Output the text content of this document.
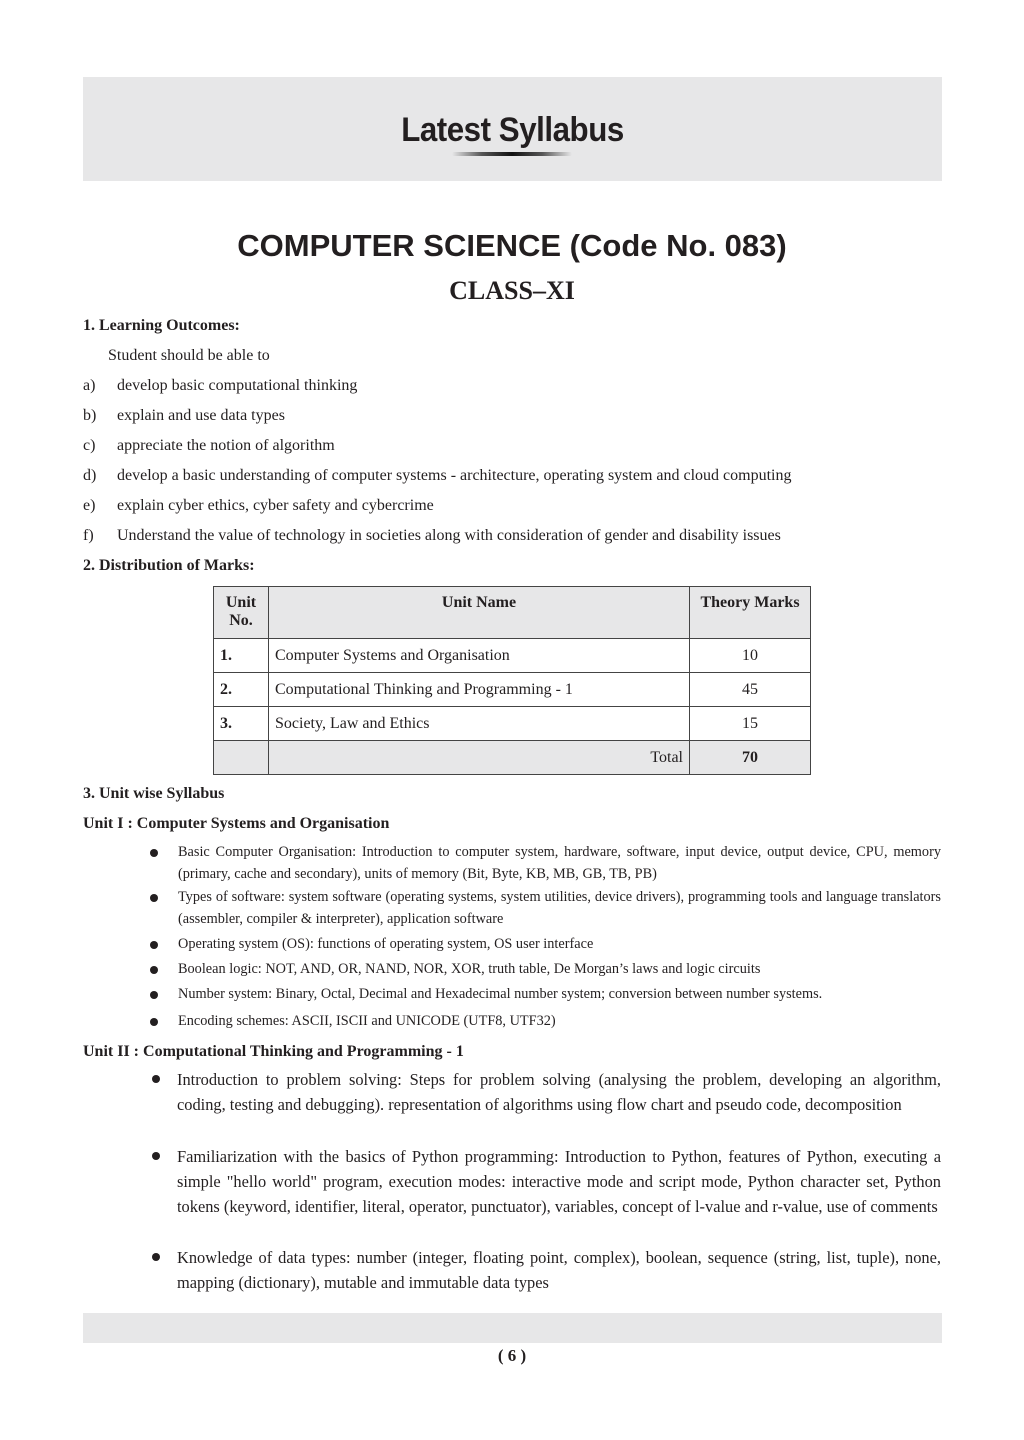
Latest Syllabus
COMPUTER SCIENCE (Code No. 083)
CLASS–XI
1. Learning Outcomes:
Student should be able to
a) develop basic computational thinking
b) explain and use data types
c) appreciate the notion of algorithm
d) develop a basic understanding of computer systems - architecture, operating system and cloud computing
e) explain cyber ethics, cyber safety and cybercrime
f) Understand the value of technology in societies along with consideration of gender and disability issues
2. Distribution of Marks:
Unit No.	Unit Name	Theory Marks
1.	Computer Systems and Organisation	10
2.	Computational Thinking and Programming - 1	45
3.	Society, Law and Ethics	15
	Total	70
3. Unit wise Syllabus
Unit I : Computer Systems and Organisation
Basic Computer Organisation: Introduction to computer system, hardware, software, input device, output device, CPU, memory (primary, cache and secondary), units of memory (Bit, Byte, KB, MB, GB, TB, PB)
Types of software: system software (operating systems, system utilities, device drivers), programming tools and language translators (assembler, compiler & interpreter), application software
Operating system (OS): functions of operating system, OS user interface
Boolean logic: NOT, AND, OR, NAND, NOR, XOR, truth table, De Morgan’s laws and logic circuits
Number system: Binary, Octal, Decimal and Hexadecimal number system; conversion between number systems.
Encoding schemes: ASCII, ISCII and UNICODE (UTF8, UTF32)
Unit II : Computational Thinking and Programming - 1
Introduction to problem solving: Steps for problem solving (analysing the problem, developing an algorithm, coding, testing and debugging). representation of algorithms using flow chart and pseudo code, decomposition
Familiarization with the basics of Python programming: Introduction to Python, features of Python, executing a simple "hello world" program, execution modes: interactive mode and script mode, Python character set, Python tokens (keyword, identifier, literal, operator, punctuator), variables, concept of l-value and r-value, use of comments
Knowledge of data types: number (integer, floating point, complex), boolean, sequence (string, list, tuple), none, mapping (dictionary), mutable and immutable data types
( 6 )
